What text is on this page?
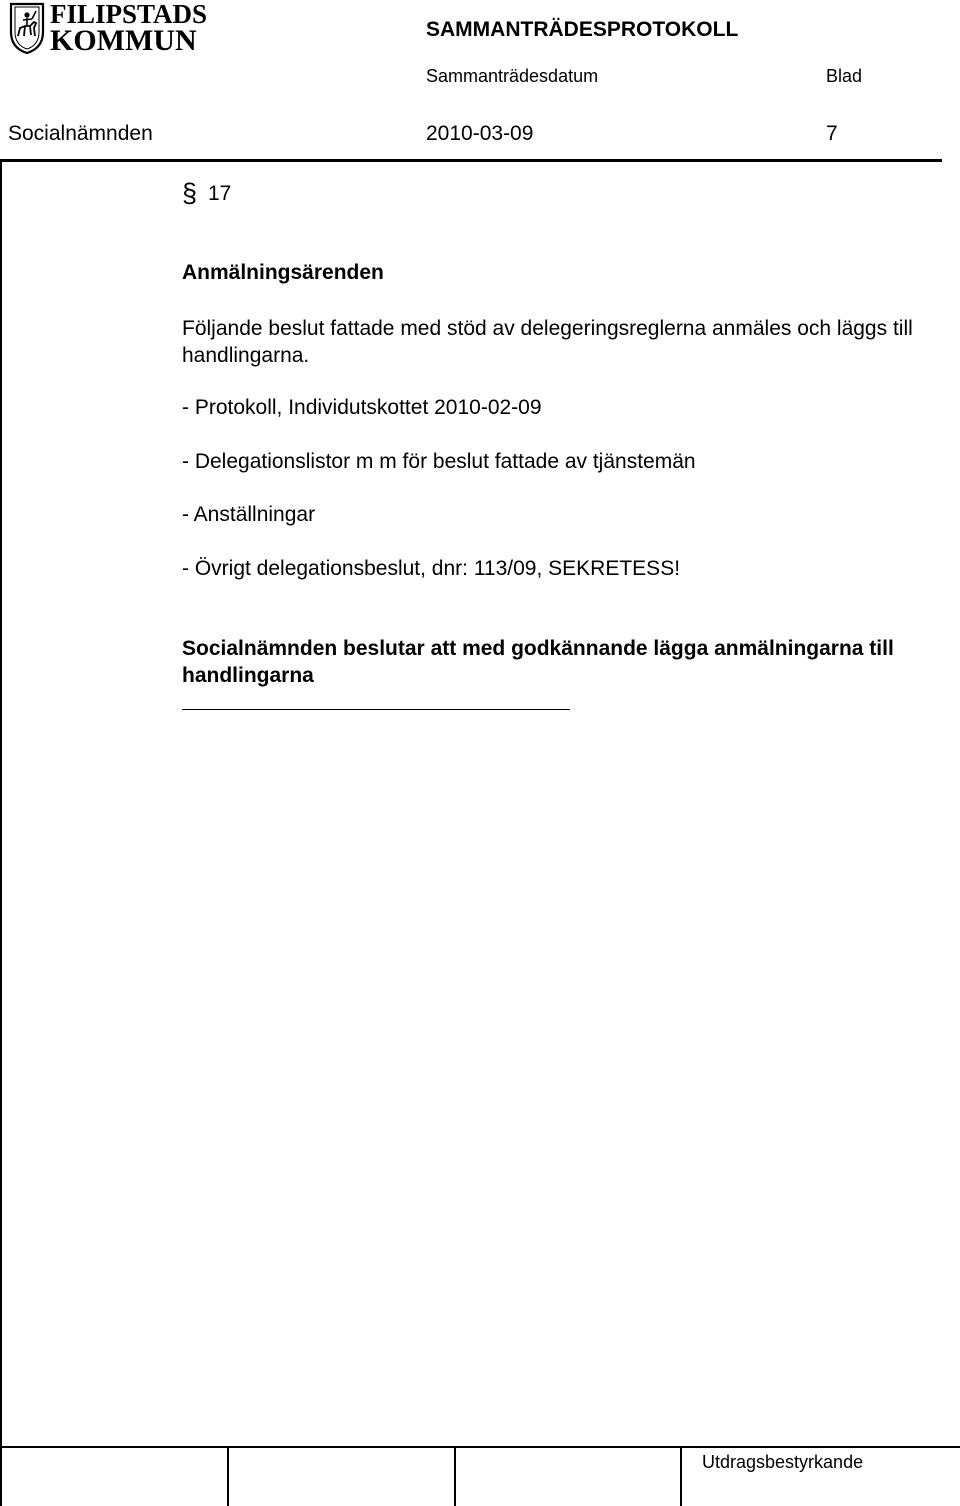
FILIPSTADS
KOMMUN	SAMMANTRÄDESPROTOKOLL
Sammanträdesdatum	Blad
Socialnämnden	2010-03-09	7
§ 17
Anmälningsärenden
Följande beslut fattade med stöd av delegeringsreglerna anmäles och läggs till handlingarna.
- Protokoll, Individutskottet 2010-02-09
- Delegationslistor m m för beslut fattade av tjänstemän
- Anställningar
- Övrigt delegationsbeslut, dnr: 113/09, SEKRETESS!
Socialnämnden beslutar att med godkännande lägga anmälningarna till handlingarna
Utdragsbestyrkande
